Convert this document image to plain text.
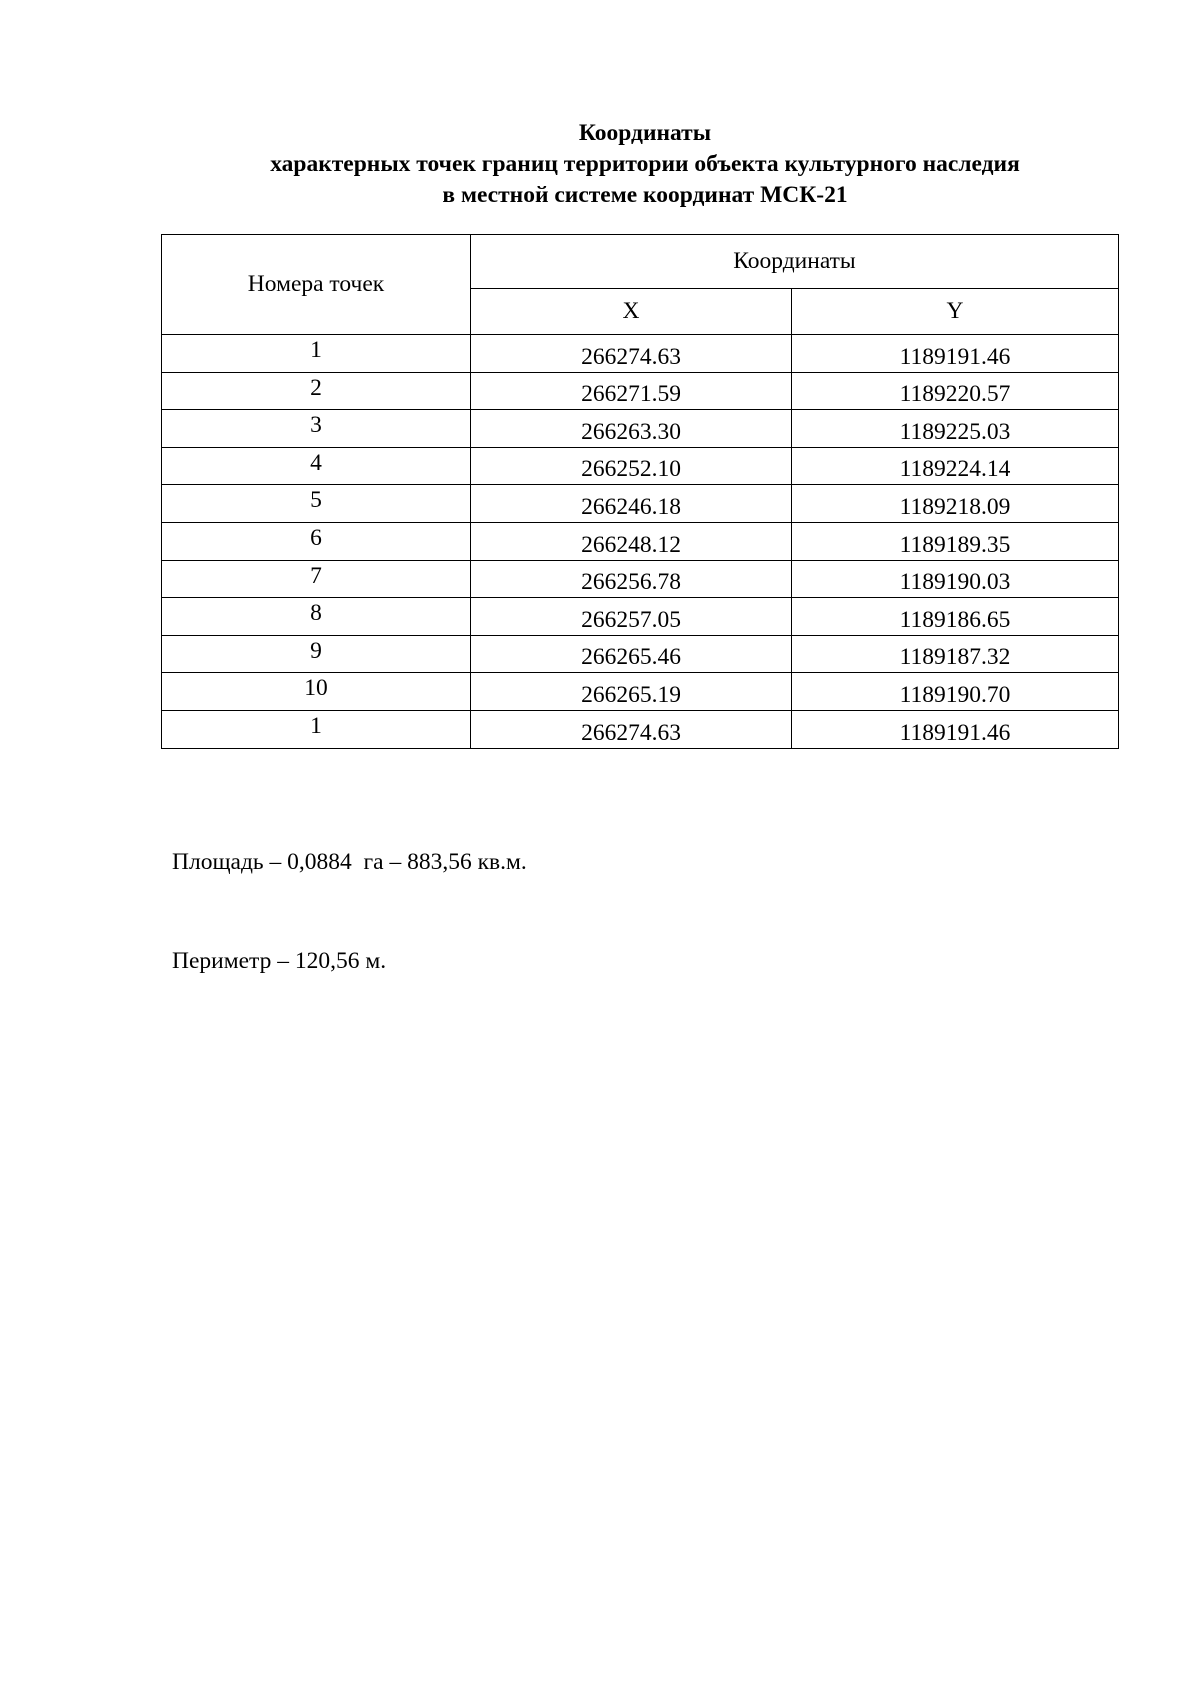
Координаты
характерных точек границ территории объекта культурного наследия
в местной системе координат МСК-21
Номера точек	Координаты	
	X	Y
1	266274.63	1189191.46
2	266271.59	1189220.57
3	266263.30	1189225.03
4	266252.10	1189224.14
5	266246.18	1189218.09
6	266248.12	1189189.35
7	266256.78	1189190.03
8	266257.05	1189186.65
9	266265.46	1189187.32
10	266265.19	1189190.70
1	266274.63	1189191.46

Площадь – 0,0884  га – 883,56 кв.м.

Периметр – 120,56 м.
